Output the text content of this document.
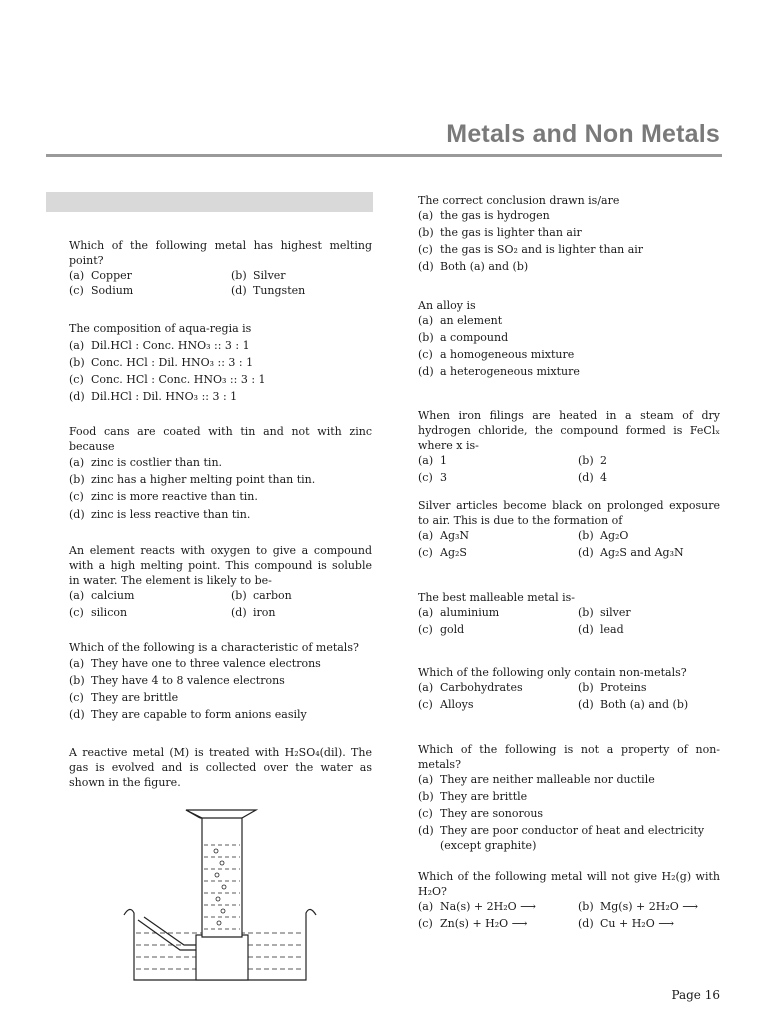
Metals and Non Metals
Which of the following metal has highest melting point?
(a) Copper	(b) Silver
(c) Sodium	(d) Tungsten
The composition of aqua-regia is
(a) Dil.HCl : Conc. HNO₃ :: 3 : 1
(b) Conc. HCl : Dil. HNO₃ :: 3 : 1
(c) Conc. HCl : Conc. HNO₃ :: 3 : 1
(d) Dil.HCl : Dil. HNO₃ :: 3 : 1
Food cans are coated with tin and not with zinc because
(a) zinc is costlier than tin.
(b) zinc has a higher melting point than tin.
(c) zinc is more reactive than tin.
(d) zinc is less reactive than tin.
An element reacts with oxygen to give a compound with a high melting point. This compound is soluble in water. The element is likely to be-
(a) calcium	(b) carbon
(c) silicon	(d) iron
Which of the following is a characteristic of metals?
(a) They have one to three valence electrons
(b) They have 4 to 8 valence electrons
(c) They are brittle
(d) They are capable to form anions easily
A reactive metal (M) is treated with H₂SO₄(dil). The gas is evolved and is collected over the water as shown in the figure.
The correct conclusion drawn is/are
(a) the gas is hydrogen
(b) the gas is lighter than air
(c) the gas is SO₂ and is lighter than air
(d) Both (a) and (b)
An alloy is
(a) an element
(b) a compound
(c) a homogeneous mixture
(d) a heterogeneous mixture
When iron filings are heated in a steam of dry hydrogen chloride, the compound formed is FeClₓ where x is-
(a) 1	(b) 2
(c) 3	(d) 4
Silver articles become black on prolonged exposure to air. This is due to the formation of
(a) Ag₃N	(b) Ag₂O
(c) Ag₂S	(d) Ag₂S and Ag₃N
The best malleable metal is-
(a) aluminium	(b) silver
(c) gold	(d) lead
Which of the following only contain non-metals?
(a) Carbohydrates	(b) Proteins
(c) Alloys	(d) Both (a) and (b)
Which of the following is not a property of non-metals?
(a) They are neither malleable nor ductile
(b) They are brittle
(c) They are sonorous
(d) They are poor conductor of heat and electricity (except graphite)
Which of the following metal will not give H₂(g) with H₂O?
(a) Na(s) + 2H₂O ⟶	(b) Mg(s) + 2H₂O ⟶
(c) Zn(s) + H₂O ⟶	(d) Cu + H₂O ⟶
Page 16
